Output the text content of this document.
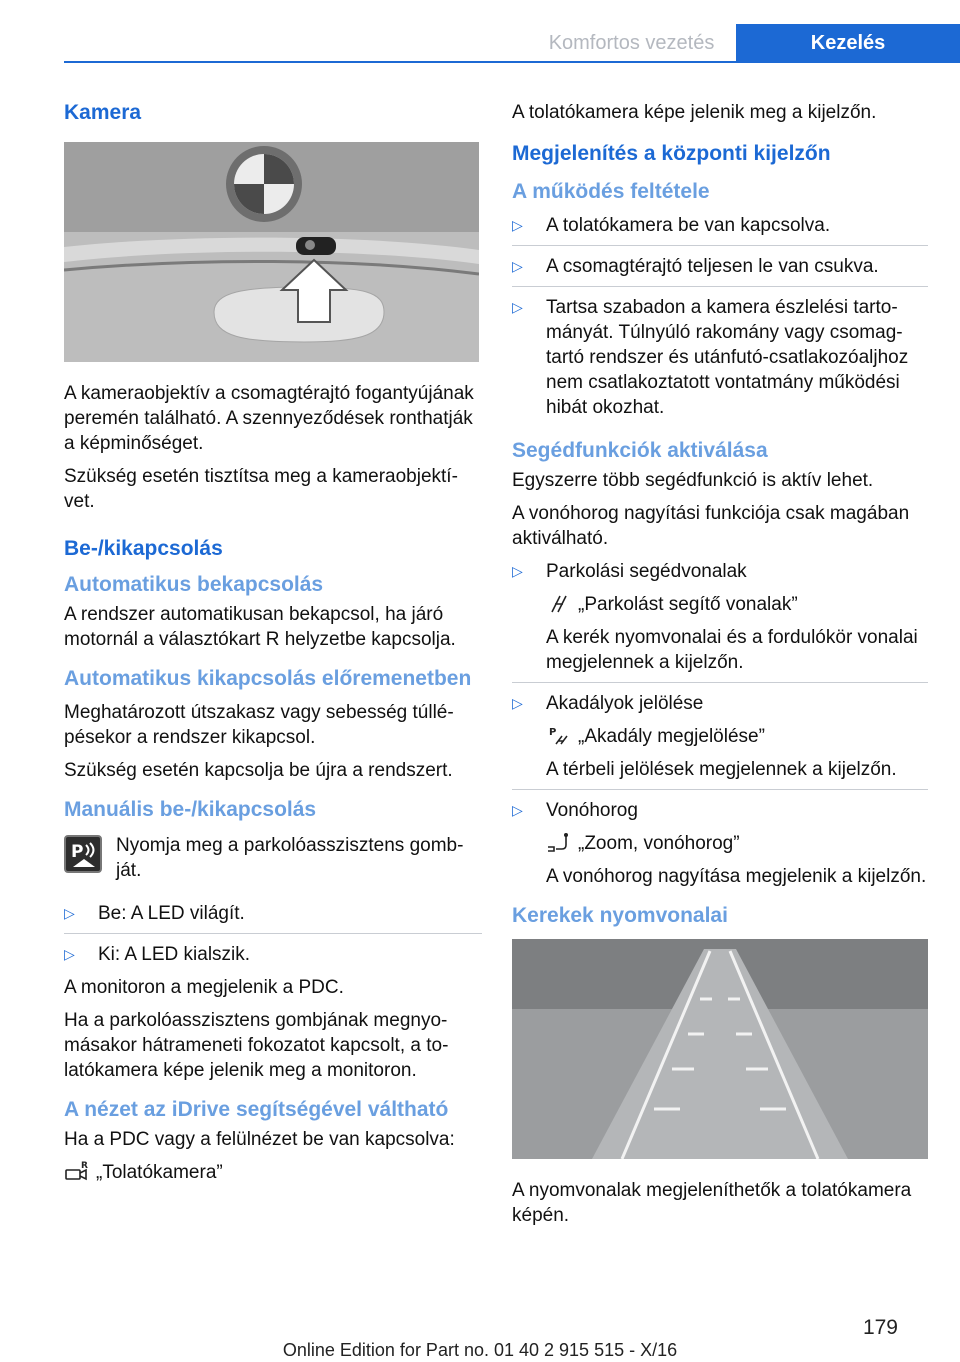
Komfortos vezetés	Kezelés
Kamera

A kameraobjektív a csomagtérajtó fogantyújának peremén található. A szennyeződések ronthatják a képminőséget.

Szükség esetén tisztítsa meg a kameraobjektívet.

Be-/kikapcsolás
Automatikus bekapcsolás

A rendszer automatikusan bekapcsol, ha járó motornál a választókart R helyzetbe kapcsolja.

Automatikus kikapcsolás előremenetben

Meghatározott útszakasz vagy sebesség túllépésekor a rendszer kikapcsol.

Szükség esetén kapcsolja be újra a rendszert.

Manuális be-/kikapcsolás
P	Nyomja meg a parkolóasszisztens gombját.

▷ Be: A LED világít.
▷ Ki: A LED kialszik.

A monitoron a megjelenik a PDC.

Ha a parkolóasszisztens gombjának megnyomásakor hátrameneti fokozatot kapcsolt, a tolatókamera képe jelenik meg a monitoron.

A nézet az iDrive segítségével váltható

Ha a PDC vagy a felülnézet be van kapcsolva:

R „Tolatókamera”

A tolatókamera képe jelenik meg a kijelzőn.

Megjelenítés a központi kijelzőn
A működés feltétele
▷ A tolatókamera be van kapcsolva.
▷ A csomagtérajtó teljesen le van csukva.
▷ Tartsa szabadon a kamera észlelési tartományát. Túlnyúló rakomány vagy csomagtartó rendszer és utánfutó-csatlakozóaljhoz nem csatlakoztatott vontatmány működési hibát okozhat.
Segédfunkciók aktiválása

Egyszerre több segédfunkció is aktív lehet.

A vonóhorog nagyítási funkciója csak magában aktiválható.

▷ Parkolási segédvonalak
„Parkolást segítő vonalak”
A kerék nyomvonalai és a fordulókör vonalai megjelennek a kijelzőn.
▷ Akadályok jelölése
P „Akadály megjelölése”
A térbeli jelölések megjelennek a kijelzőn.
▷ Vonóhorog
„Zoom, vonóhorog”
A vonóhorog nagyítása megjelenik a kijelzőn.
Kerekek nyomvonalai

A nyomvonalak megjeleníthetők a tolatókamera képén.

179
Online Edition for Part no. 01 40 2 915 515 - X/16
